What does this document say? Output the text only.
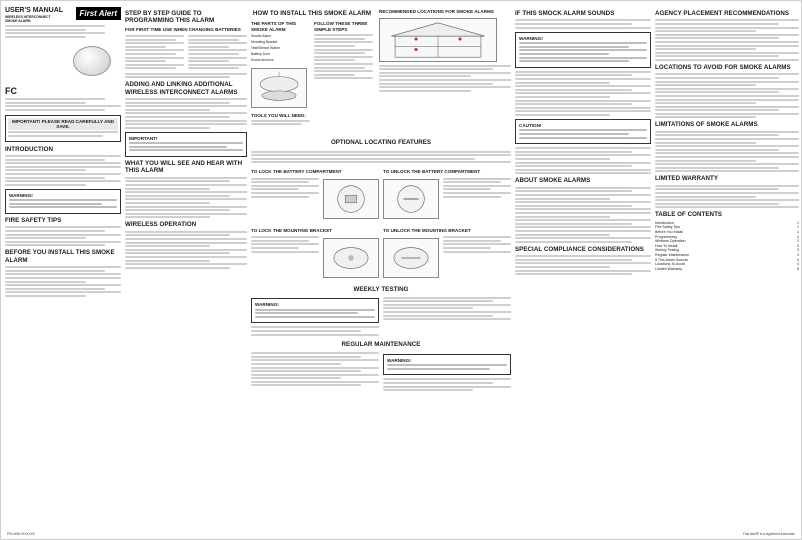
USER'S MANUAL
WIRELESS INTERCONNECT
SMOKE ALARM
First Alert
FC
IMPORTANT! PLEASE READ CAREFULLY AND SAVE.
INTRODUCTION
WARNING!
FIRE SAFETY TIPS
BEFORE YOU INSTALL THIS SMOKE ALARM
STEP BY STEP GUIDE TO PROGRAMMING THIS ALARM
FOR FIRST TIME USE WHEN CHANGING BATTERIES
ADDING AND LINKING ADDITIONAL WIRELESS INTERCONNECT ALARMS
IMPORTANT!
WHAT YOU WILL SEE AND HEAR WITH THIS ALARM
WIRELESS OPERATION
HOW TO INSTALL THIS SMOKE ALARM
THE PARTS OF THIS SMOKE ALARM
Smoke Alarm
Mounting Bracket
Test/Silence Button
Battery Door
Screw Anchors
TOOLS YOU WILL NEED:
FOLLOW THESE THREE SIMPLE STEPS
OPTIONAL LOCATING FEATURES
TO LOCK THE BATTERY COMPARTMENT	TO UNLOCK THE BATTERY COMPARTMENT
TO LOCK THE MOUNTING BRACKET	TO UNLOCK THE MOUNTING BRACKET
WEEKLY TESTING
WARNING!
REGULAR MAINTENANCE
WARNING!
RECOMMENDED LOCATIONS FOR SMOKE ALARMS	IF THIS SMOCK ALARM SOUNDS
WARNING!
CAUTION!
ABOUT SMOKE ALARMS
SPECIAL COMPLIANCE CONSIDERATIONS
AGENCY PLACEMENT RECOMMENDATIONS
LOCATIONS TO AVOID FOR SMOKE ALARMS
LIMITATIONS OF SMOKE ALARMS
LIMITED WARRANTY
TABLE OF CONTENTS
Introduction	1
Fire Safety Tips	1
Before You Install	1
Programming	2
Wireless Operation	2
How To Install	3
Weekly Testing	3
Regular Maintenance	3
If This Alarm Sounds	4
Locations To Avoid	4
Limited Warranty	5
P/N M08-0XXX-000	First Alert® is a registered trademark
